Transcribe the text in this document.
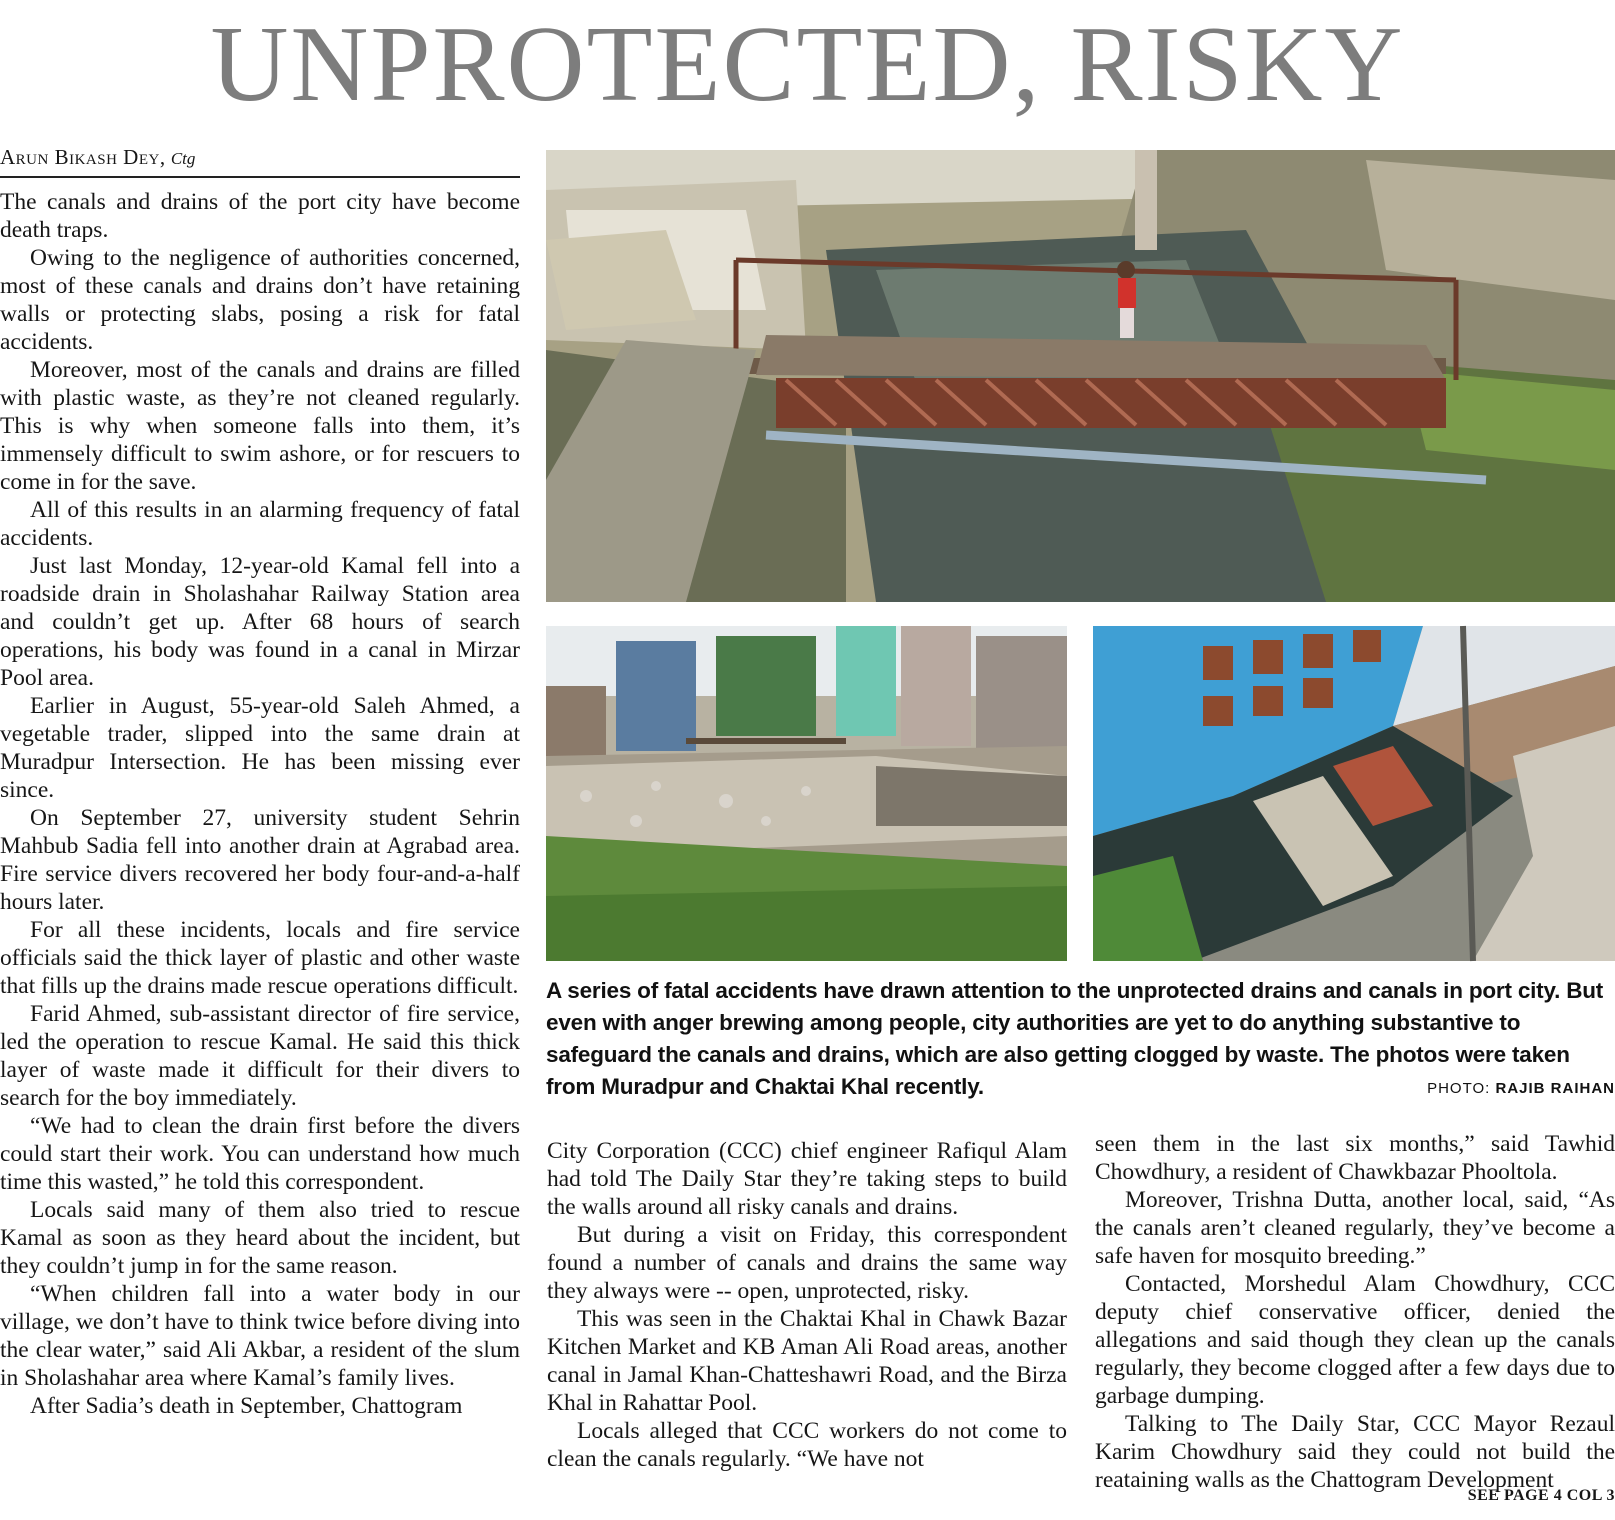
UNPROTECTED, RISKY
Arun Bikash Dey, Ctg

The canals and drains of the port city have become death traps.

Owing to the negligence of authorities concerned, most of these canals and drains don’t have retaining walls or protecting slabs, posing a risk for fatal accidents.

Moreover, most of the canals and drains are filled with plastic waste, as they’re not cleaned regularly. This is why when someone falls into them, it’s immensely difficult to swim ashore, or for rescuers to come in for the save.

All of this results in an alarming frequency of fatal accidents.

Just last Monday, 12-year-old Kamal fell into a roadside drain in Sholashahar Railway Station area and couldn’t get up. After 68 hours of search operations, his body was found in a canal in Mirzar Pool area.

Earlier in August, 55-year-old Saleh Ahmed, a vegetable trader, slipped into the same drain at Muradpur Intersection. He has been missing ever since.

On September 27, university student Sehrin Mahbub Sadia fell into another drain at Agrabad area. Fire service divers recovered her body four-and-a-half hours later.

For all these incidents, locals and fire service officials said the thick layer of plastic and other waste that fills up the drains made rescue operations difficult.

Farid Ahmed, sub-assistant director of fire service, led the operation to rescue Kamal. He said this thick layer of waste made it difficult for their divers to search for the boy immediately.

“We had to clean the drain first before the divers could start their work. You can understand how much time this wasted,” he told this correspondent.

Locals said many of them also tried to rescue Kamal as soon as they heard about the incident, but they couldn’t jump in for the same reason.

“When children fall into a water body in our village, we don’t have to think twice before diving into the clear water,” said Ali Akbar, a resident of the slum in Sholashahar area where Kamal’s family lives.

After Sadia’s death in September, Chattogram

A series of fatal accidents have drawn attention to the unprotected drains and canals in port city. But even with anger brewing among people, city authorities are yet to do anything substantive to safeguard the canals and drains, which are also getting clogged by waste. The photos were taken from Muradpur and Chaktai Khal recently.	PHOTO: RAJIB RAIHAN

City Corporation (CCC) chief engineer Rafiqul Alam had told The Daily Star they’re taking steps to build the walls around all risky canals and drains.

But during a visit on Friday, this correspondent found a number of canals and drains the same way they always were -- open, unprotected, risky.

This was seen in the Chaktai Khal in Chawk Bazar Kitchen Market and KB Aman Ali Road areas, another canal in Jamal Khan-Chatteshawri Road, and the Birza Khal in Rahattar Pool.

Locals alleged that CCC workers do not come to clean the canals regularly. “We have not

seen them in the last six months,” said Tawhid Chowdhury, a resident of Chawkbazar Phooltola.

Moreover, Trishna Dutta, another local, said, “As the canals aren’t cleaned regularly, they’ve become a safe haven for mosquito breeding.”

Contacted, Morshedul Alam Chowdhury, CCC deputy chief conservative officer, denied the allegations and said though they clean up the canals regularly, they become clogged after a few days due to garbage dumping.

Talking to The Daily Star, CCC Mayor Rezaul Karim Chowdhury said they could not build the reataining walls as the Chattogram Development

SEE PAGE 4 COL 3
